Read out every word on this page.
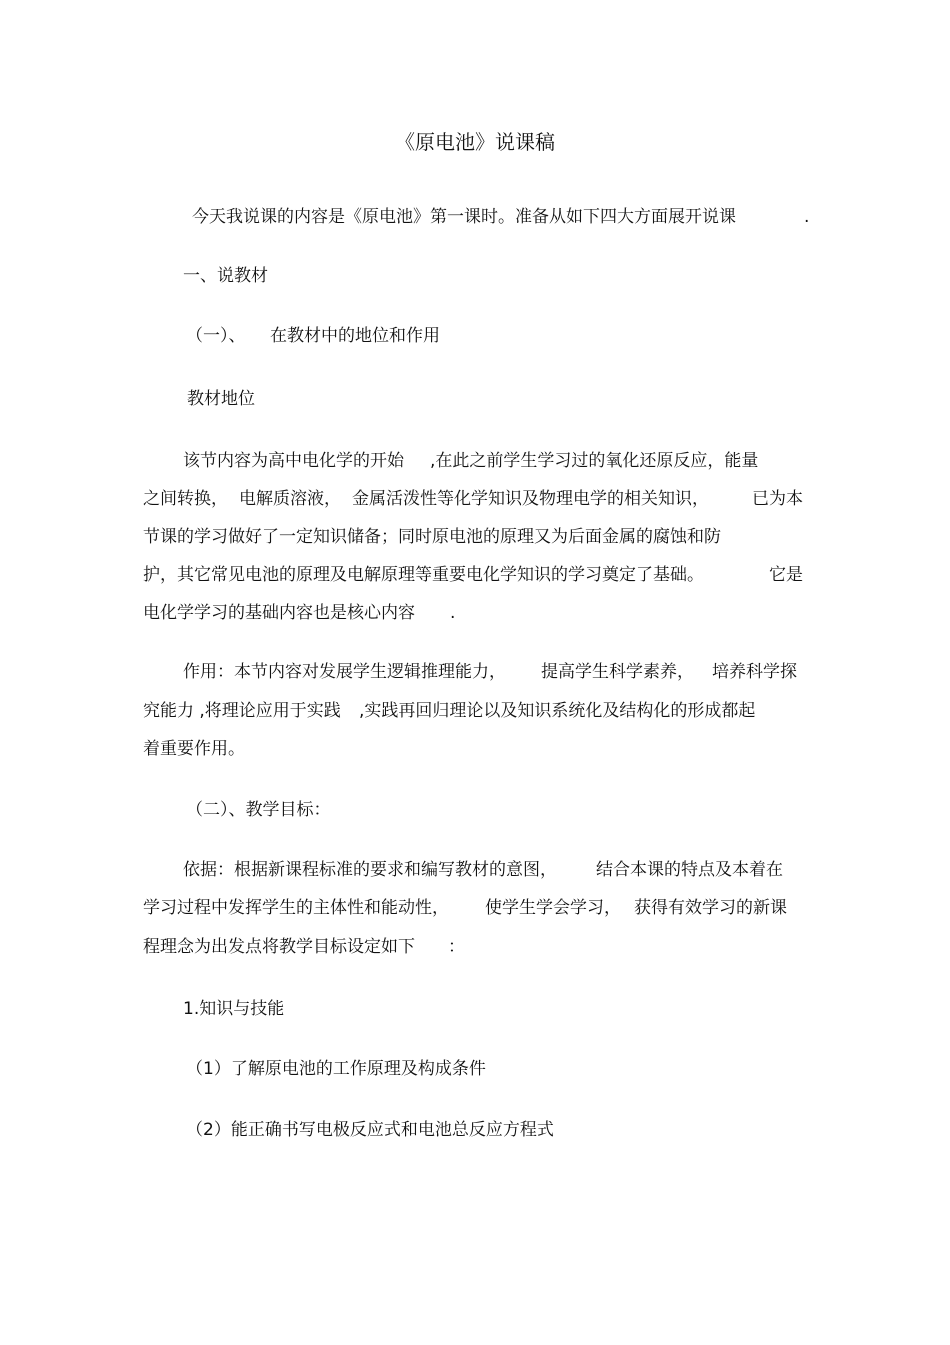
《原电池》说课稿
今天我说课的内容是《原电池》第一课时。准备从如下四大方面展开说课	.
一、说教材
（一）、 在教材中的地位和作用
教材地位
该节内容为高中电化学的开始 ,在此之前学生学习过的氧化还原反应，能量
之间转换， 电解质溶液， 金属活泼性等化学知识及物理电学的相关知识，	已为本
节课的学习做好了一定知识储备；同时原电池的原理又为后面金属的腐蚀和防
护，其它常见电池的原理及电解原理等重要电化学知识的学习奠定了基础。	它是
电化学学习的基础内容也是核心内容 .
作用：本节内容对发展学生逻辑推理能力， 提高学生科学素养， 培养科学探
究能力 ,将理论应用于实践 ,实践再回归理论以及知识系统化及结构化的形成都起
着重要作用。
（二）、教学目标：
依据：根据新课程标准的要求和编写教材的意图， 结合本课的特点及本着在
学习过程中发挥学生的主体性和能动性， 使学生学会学习， 获得有效学习的新课
程理念为出发点将教学目标设定如下 ：
1.知识与技能
（1）了解原电池的工作原理及构成条件
（2）能正确书写电极反应式和电池总反应方程式
